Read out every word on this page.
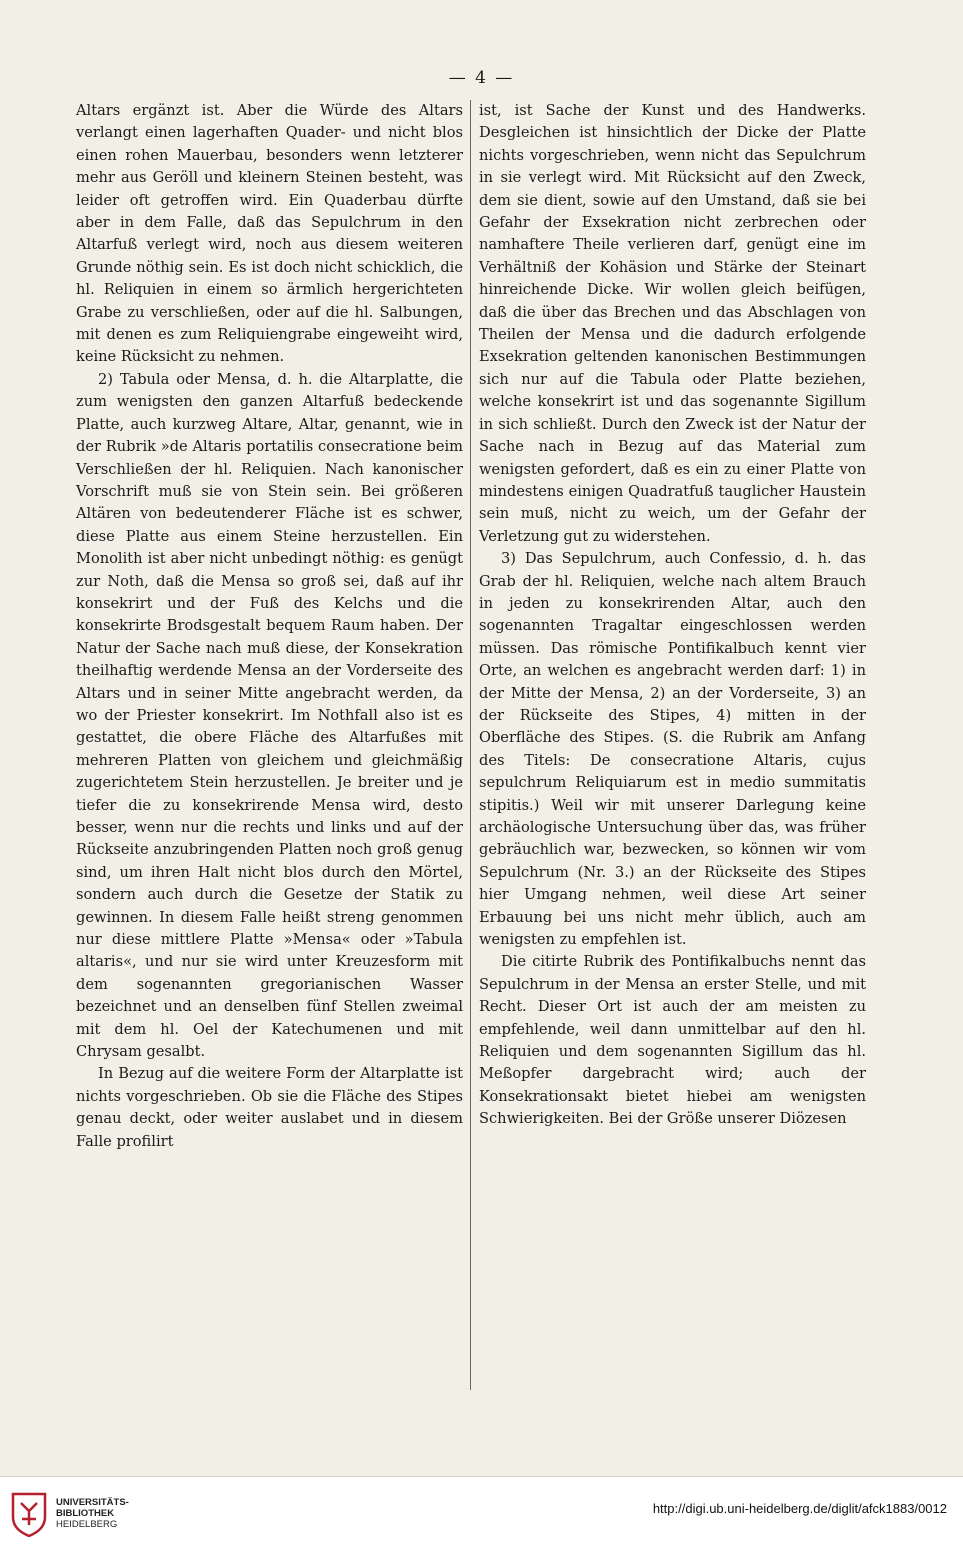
— 4 —

Altars ergänzt ist. Aber die Würde des Altars verlangt einen lagerhaften Quader- und nicht blos einen rohen Mauerbau, besonders wenn letzterer mehr aus Geröll und kleinern Steinen besteht, was leider oft getroffen wird. Ein Quaderbau dürfte aber in dem Falle, daß das Sepulchrum in den Altarfuß verlegt wird, noch aus diesem weiteren Grunde nöthig sein. Es ist doch nicht schicklich, die hl. Reliquien in einem so ärmlich hergerichteten Grabe zu verschließen, oder auf die hl. Salbungen, mit denen es zum Reliquiengrabe eingeweiht wird, keine Rücksicht zu nehmen.

2) Tabula oder Mensa, d. h. die Altarplatte, die zum wenigsten den ganzen Altarfuß bedeckende Platte, auch kurzweg Altare, Altar, genannt, wie in der Rubrik »de Altaris portatilis consecratione beim Verschließen der hl. Reliquien. Nach kanonischer Vorschrift muß sie von Stein sein. Bei größeren Altären von bedeutenderer Fläche ist es schwer, diese Platte aus einem Steine herzustellen. Ein Monolith ist aber nicht unbedingt nöthig: es genügt zur Noth, daß die Mensa so groß sei, daß auf ihr konsekrirt und der Fuß des Kelchs und die konsekrirte Brodsgestalt bequem Raum haben. Der Natur der Sache nach muß diese, der Konsekration theilhaftig werdende Mensa an der Vorderseite des Altars und in seiner Mitte angebracht werden, da wo der Priester konsekrirt. Im Nothfall also ist es gestattet, die obere Fläche des Altarfußes mit mehreren Platten von gleichem und gleichmäßig zugerichtetem Stein herzustellen. Je breiter und je tiefer die zu konsekrirende Mensa wird, desto besser, wenn nur die rechts und links und auf der Rückseite anzubringenden Platten noch groß genug sind, um ihren Halt nicht blos durch den Mörtel, sondern auch durch die Gesetze der Statik zu gewinnen. In diesem Falle heißt streng genommen nur diese mittlere Platte »Mensa« oder »Tabula altaris«, und nur sie wird unter Kreuzesform mit dem sogenannten gregorianischen Wasser bezeichnet und an denselben fünf Stellen zweimal mit dem hl. Oel der Katechumenen und mit Chrysam gesalbt.

In Bezug auf die weitere Form der Altarplatte ist nichts vorgeschrieben. Ob sie die Fläche des Stipes genau deckt, oder weiter auslabet und in diesem Falle profilirt

ist, ist Sache der Kunst und des Handwerks. Desgleichen ist hinsichtlich der Dicke der Platte nichts vorgeschrieben, wenn nicht das Sepulchrum in sie verlegt wird. Mit Rücksicht auf den Zweck, dem sie dient, sowie auf den Umstand, daß sie bei Gefahr der Exsekration nicht zerbrechen oder namhaftere Theile verlieren darf, genügt eine im Verhältniß der Kohäsion und Stärke der Steinart hinreichende Dicke. Wir wollen gleich beifügen, daß die über das Brechen und das Abschlagen von Theilen der Mensa und die dadurch erfolgende Exsekration geltenden kanonischen Bestimmungen sich nur auf die Tabula oder Platte beziehen, welche konsekrirt ist und das sogenannte Sigillum in sich schließt. Durch den Zweck ist der Natur der Sache nach in Bezug auf das Material zum wenigsten gefordert, daß es ein zu einer Platte von mindestens einigen Quadratfuß tauglicher Haustein sein muß, nicht zu weich, um der Gefahr der Verletzung gut zu widerstehen.

3) Das Sepulchrum, auch Confessio, d. h. das Grab der hl. Reliquien, welche nach altem Brauch in jeden zu konsekrirenden Altar, auch den sogenannten Tragaltar eingeschlossen werden müssen. Das römische Pontifikalbuch kennt vier Orte, an welchen es angebracht werden darf: 1) in der Mitte der Mensa, 2) an der Vorderseite, 3) an der Rückseite des Stipes, 4) mitten in der Oberfläche des Stipes. (S. die Rubrik am Anfang des Titels: De consecratione Altaris, cujus sepulchrum Reliquiarum est in medio summitatis stipitis.) Weil wir mit unserer Darlegung keine archäologische Untersuchung über das, was früher gebräuchlich war, bezwecken, so können wir vom Sepulchrum (Nr. 3.) an der Rückseite des Stipes hier Umgang nehmen, weil diese Art seiner Erbauung bei uns nicht mehr üblich, auch am wenigsten zu empfehlen ist.

Die citirte Rubrik des Pontifikalbuchs nennt das Sepulchrum in der Mensa an erster Stelle, und mit Recht. Dieser Ort ist auch der am meisten zu empfehlende, weil dann unmittelbar auf den hl. Reliquien und dem sogenannten Sigillum das hl. Meßopfer dargebracht wird; auch der Konsekrationsakt bietet hiebei am wenigsten Schwierigkeiten. Bei der Größe unserer Diözesen

UNIVERSITÄTS-
BIBLIOTHEK
HEIDELBERG
http://digi.ub.uni-heidelberg.de/diglit/afck1883/0012
